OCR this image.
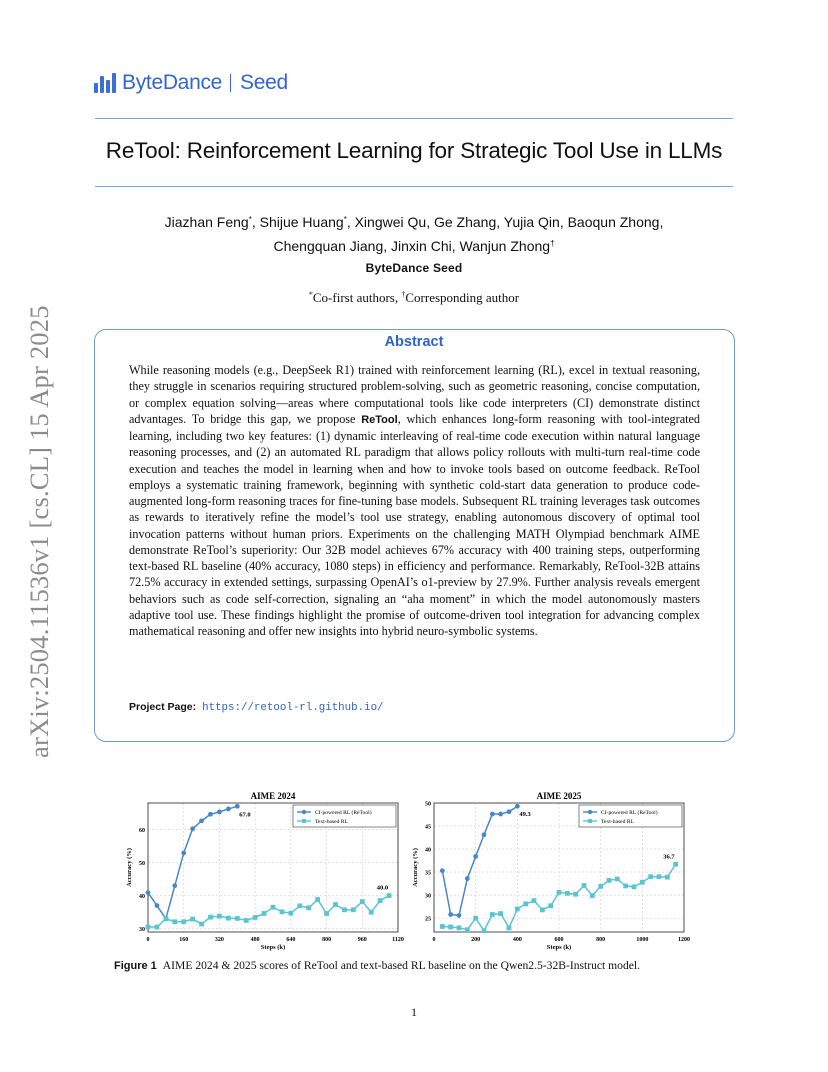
ByteDance Seed
ReTool: Reinforcement Learning for Strategic Tool Use in LLMs
Jiazhan Feng*, Shijue Huang*, Xingwei Qu, Ge Zhang, Yujia Qin, Baoqun Zhong,
Chengquan Jiang, Jinxin Chi, Wanjun Zhong†
ByteDance Seed
*Co-first authors, †Corresponding author
Abstract
While reasoning models (e.g., DeepSeek R1) trained with reinforcement learning (RL), excel in textual reasoning, they struggle in scenarios requiring structured problem-solving, such as geometric reasoning, concise computation, or complex equation solving—areas where computational tools like code interpreters (CI) demonstrate distinct advantages. To bridge this gap, we propose ReTool, which enhances long-form reasoning with tool-integrated learning, including two key features: (1) dynamic interleaving of real-time code execution within natural language reasoning processes, and (2) an automated RL paradigm that allows policy rollouts with multi-turn real-time code execution and teaches the model in learning when and how to invoke tools based on outcome feedback. ReTool employs a systematic training framework, beginning with synthetic cold-start data generation to produce code-augmented long-form reasoning traces for fine-tuning base models. Subsequent RL training leverages task outcomes as rewards to iteratively refine the model’s tool use strategy, enabling autonomous discovery of optimal tool invocation patterns without human priors. Experiments on the challenging MATH Olympiad benchmark AIME demonstrate ReTool’s superiority: Our 32B model achieves 67% accuracy with 400 training steps, outperforming text-based RL baseline (40% accuracy, 1080 steps) in efficiency and performance. Remarkably, ReTool-32B attains 72.5% accuracy in extended settings, surpassing OpenAI’s o1-preview by 27.9%. Further analysis reveals emergent behaviors such as code self-correction, signaling an “aha moment” in which the model autonomously masters adaptive tool use. These findings highlight the promise of outcome-driven tool integration for advancing complex mathematical reasoning and offer new insights into hybrid neuro-symbolic systems.
Project Page: https://retool-rl.github.io/
arXiv:2504.11536v1 [cs.CL] 15 Apr 2025
AIME 2024
30
40
50
60
0	160	320	480	640	800	960	1120
Steps (k)
Accuracy (%)
67.0
40.0
CI-powered RL (ReTool)
Text-based RL
AIME 2025
25
30
35
40
45
50
0	200	400	600	800	1000	1200
Steps (k)
Accuracy (%)
49.3
36.7
CI-powered RL (ReTool)
Text-based RL
Figure 1 AIME 2024 & 2025 scores of ReTool and text-based RL baseline on the Qwen2.5-32B-Instruct model.
1
